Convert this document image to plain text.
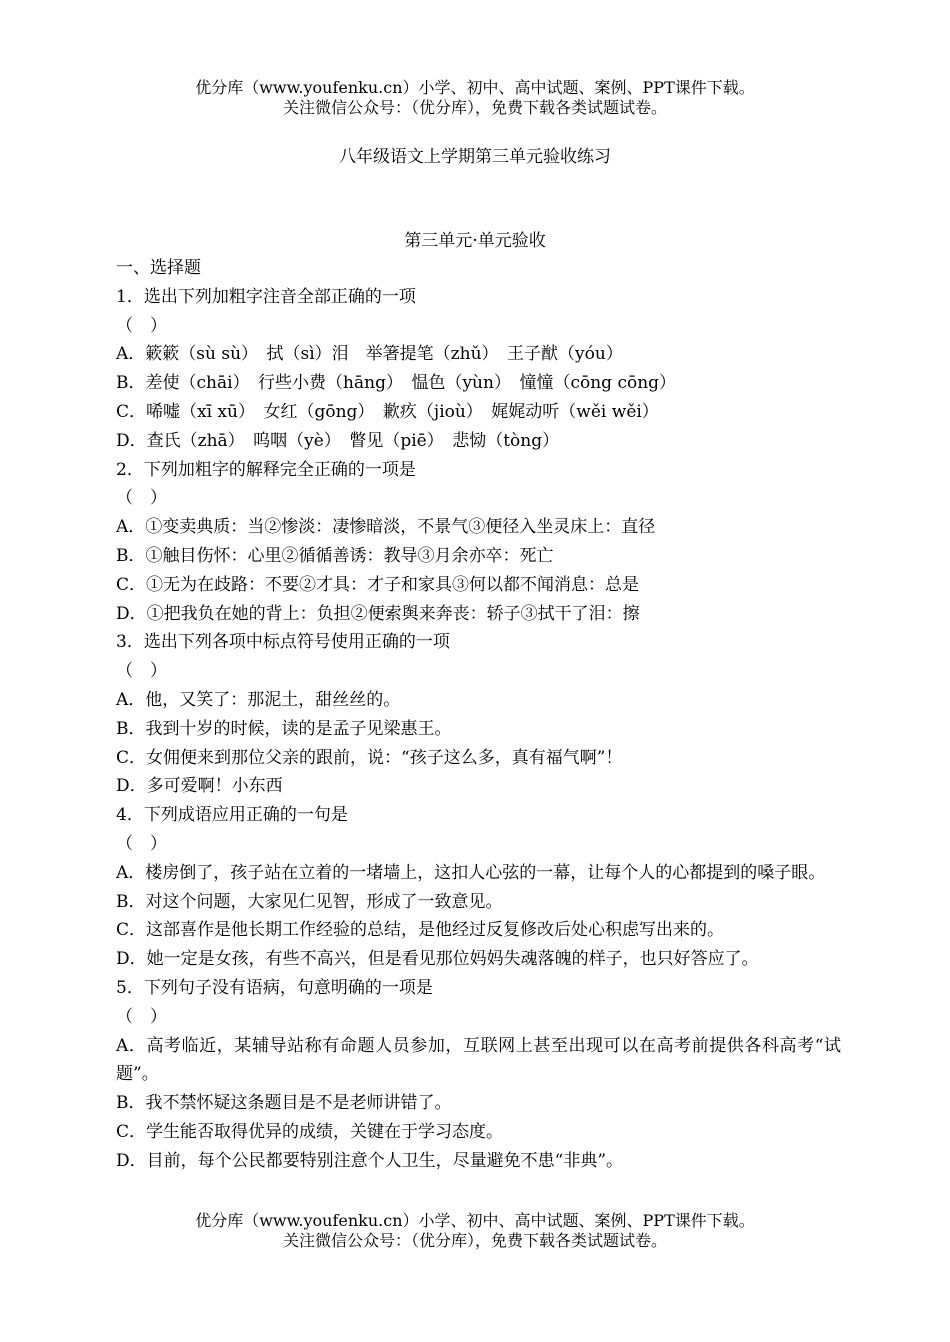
优分库（www.youfenku.cn）小学、初中、高中试题、案例、PPT课件下载。
关注微信公众号：（优分库），免费下载各类试题试卷。
八年级语文上学期第三单元验收练习
第三单元·单元验收
一、选择题
1．选出下列加粗字注音全部正确的一项
（　）
A．簌簌（sù sù）　拭（sì）泪　举箸提笔（zhǔ）　王子猷（yóu）
B．差使（chāi）　行些小费（hāng）　愠色（yùn）　憧憧（cōng cōng）
C．唏嘘（xī xū）　女红（gōng）　歉疚（jioù）　娓娓动听（wěi wěi）
D．查氏（zhā）　呜咽（yè）　瞥见（piē）　悲恸（tòng）
2．下列加粗字的解释完全正确的一项是
（　）
A．①变卖典质：当②惨淡：凄惨暗淡，不景气③便径入坐灵床上：直径
B．①触目伤怀：心里②循循善诱：教导③月余亦卒：死亡
C．①无为在歧路：不要②才具：才子和家具③何以都不闻消息：总是
D．①把我负在她的背上：负担②便索舆来奔丧：轿子③拭干了泪：擦
3．选出下列各项中标点符号使用正确的一项
（　）
A．他，又笑了：那泥土，甜丝丝的。
B．我到十岁的时候，读的是孟子见梁惠王。
C．女佣便来到那位父亲的跟前，说：“孩子这么多，真有福气啊”！
D．多可爱啊！小东西
4．下列成语应用正确的一句是
（　）
A．楼房倒了，孩子站在立着的一堵墙上，这扣人心弦的一幕，让每个人的心都提到的嗓子眼。
B．对这个问题，大家见仁见智，形成了一致意见。
C．这部喜作是他长期工作经验的总结，是他经过反复修改后处心积虑写出来的。
D．她一定是女孩，有些不高兴，但是看见那位妈妈失魂落魄的样子，也只好答应了。
5．下列句子没有语病，句意明确的一项是
（　）
A．高考临近，某辅导站称有命题人员参加，互联网上甚至出现可以在高考前提供各科高考“试题”。
B．我不禁怀疑这条题目是不是老师讲错了。
C．学生能否取得优异的成绩，关键在于学习态度。
D．目前，每个公民都要特别注意个人卫生，尽量避免不患“非典”。
优分库（www.youfenku.cn）小学、初中、高中试题、案例、PPT课件下载。
关注微信公众号：（优分库），免费下载各类试题试卷。
